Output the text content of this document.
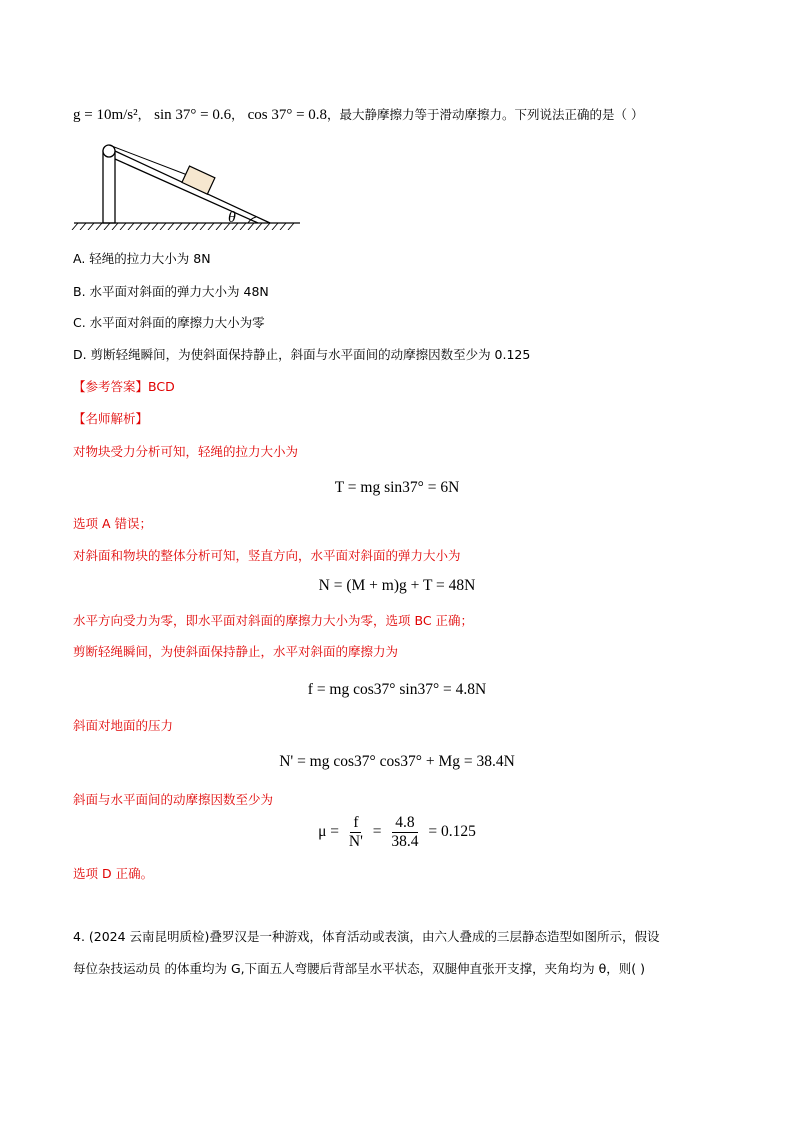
g = 10m/s²， sin 37° = 0.6， cos 37° = 0.8，最大静摩擦力等于滑动摩擦力。下列说法正确的是（ ）
θ
A. 轻绳的拉力大小为 8N
B. 水平面对斜面的弹力大小为 48N
C. 水平面对斜面的摩擦力大小为零
D. 剪断轻绳瞬间，为使斜面保持静止，斜面与水平面间的动摩擦因数至少为 0.125
【参考答案】BCD
【名师解析】
对物块受力分析可知，轻绳的拉力大小为
T = mg sin37° = 6N
选项 A 错误；
对斜面和物块的整体分析可知，竖直方向，水平面对斜面的弹力大小为
N = (M + m)g + T = 48N
水平方向受力为零，即水平面对斜面的摩擦力大小为零，选项 BC 正确；
剪断轻绳瞬间，为使斜面保持静止，水平对斜面的摩擦力为
f = mg cos37° sin37° = 4.8N
斜面对地面的压力
N' = mg cos37° cos37° + Mg = 38.4N
斜面与水平面间的动摩擦因数至少为
$\mu = \frac{f}{N'} = \frac{4.8}{38.4} = 0.125$
选项 D 正确。
4. (2024 云南昆明质检)叠罗汉是一种游戏，体育活动或表演，由六人叠成的三层静态造型如图所示，假设
每位杂技运动员 的体重均为 G,下面五人弯腰后背部呈水平状态，双腿伸直张开支撑，夹角均为 θ，则( )
